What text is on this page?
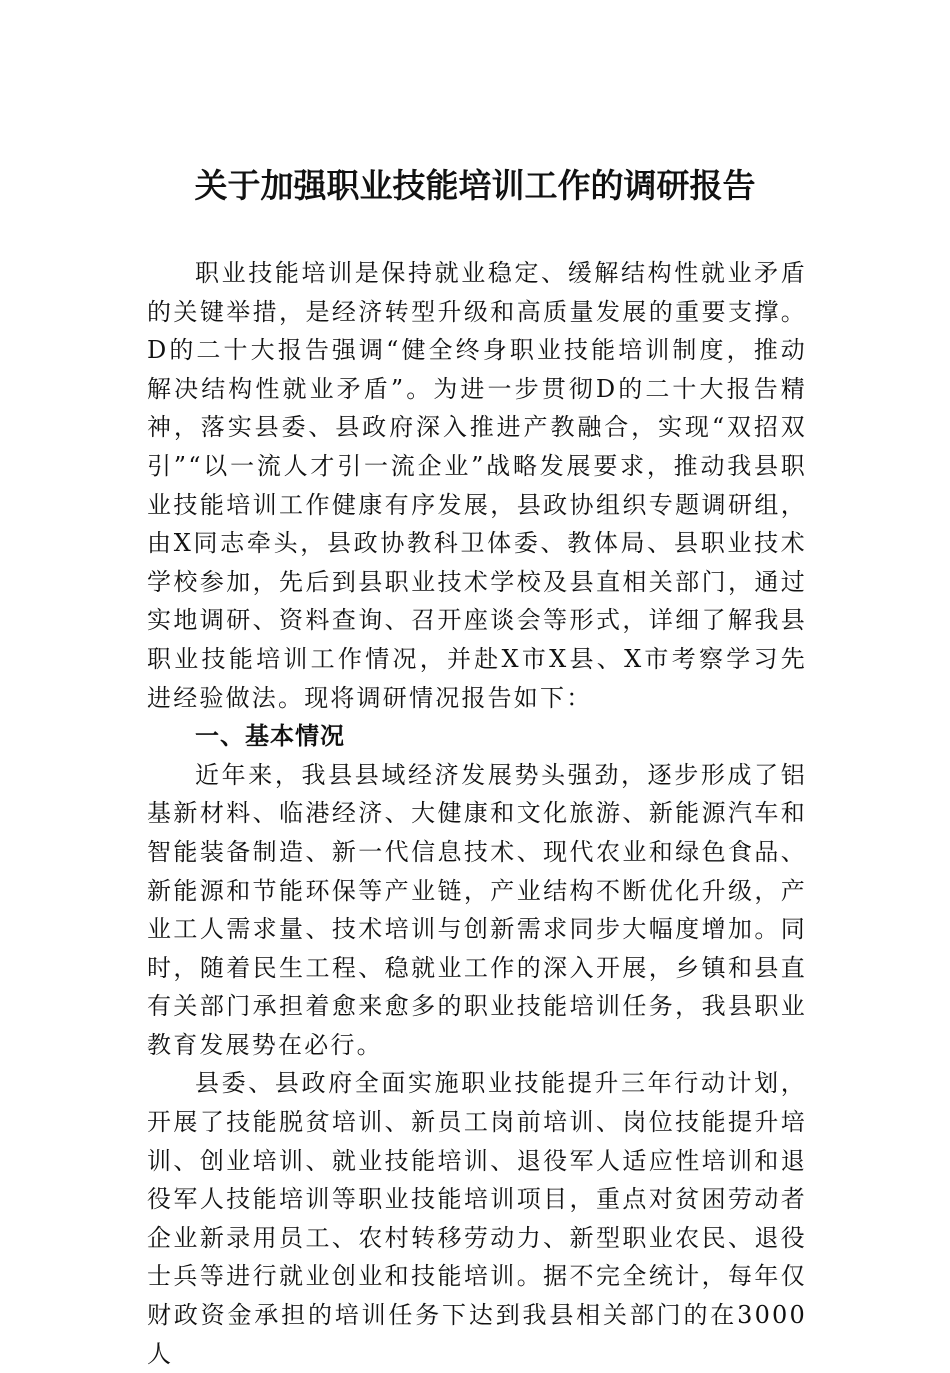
关于加强职业技能培训工作的调研报告

职业技能培训是保持就业稳定、缓解结构性就业矛盾的关键举措，是经济转型升级和高质量发展的重要支撑。D的二十大报告强调“健全终身职业技能培训制度，推动解决结构性就业矛盾”。为进一步贯彻D的二十大报告精神，落实县委、县政府深入推进产教融合，实现“双招双引”“以一流人才引一流企业”战略发展要求，推动我县职业技能培训工作健康有序发展，县政协组织专题调研组，由X同志牵头，县政协教科卫体委、教体局、县职业技术学校参加，先后到县职业技术学校及县直相关部门，通过实地调研、资料查询、召开座谈会等形式，详细了解我县职业技能培训工作情况，并赴X市X县、X市考察学习先进经验做法。现将调研情况报告如下：

一、基本情况

近年来，我县县域经济发展势头强劲，逐步形成了铝基新材料、临港经济、大健康和文化旅游、新能源汽车和智能装备制造、新一代信息技术、现代农业和绿色食品、新能源和节能环保等产业链，产业结构不断优化升级，产业工人需求量、技术培训与创新需求同步大幅度增加。同时，随着民生工程、稳就业工作的深入开展，乡镇和县直有关部门承担着愈来愈多的职业技能培训任务，我县职业教育发展势在必行。

县委、县政府全面实施职业技能提升三年行动计划，开展了技能脱贫培训、新员工岗前培训、岗位技能提升培训、创业培训、就业技能培训、退役军人适应性培训和退役军人技能培训等职业技能培训项目，重点对贫困劳动者企业新录用员工、农村转移劳动力、新型职业农民、退役士兵等进行就业创业和技能培训。据不完全统计，每年仅财政资金承担的培训任务下达到我县相关部门的在3000人
